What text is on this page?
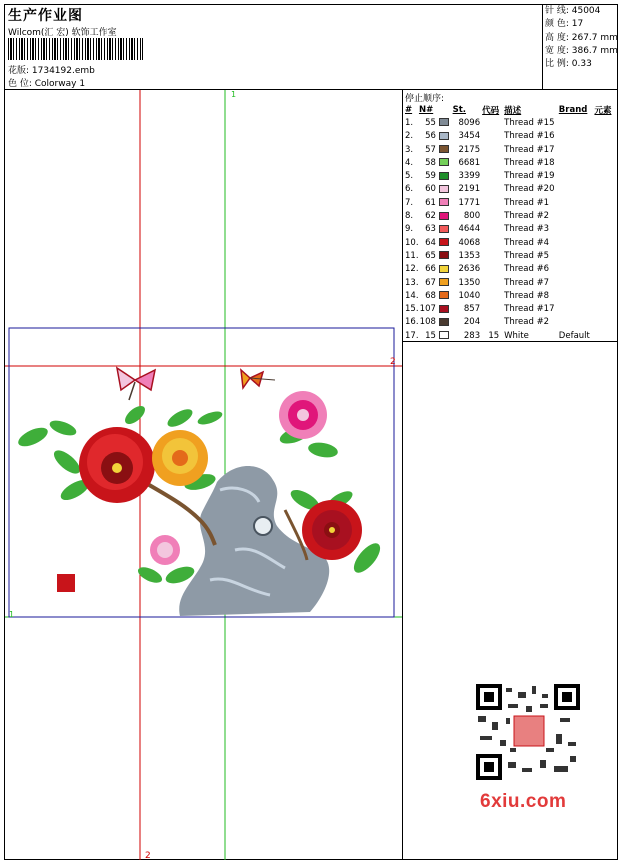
生产作业图
Wilcom(汇 宏) 软饰工作室
花版: 1734192.emb
色 位: Colorway 1
针 线: 45004
颜 色: 17
高 度: 267.7 mm
宽 度: 386.7 mm
比 例: 0.33
1
2
2
1
停止顺序:
#	N#		St.	代码	描述	Brand	元素
1.	55		8096		Thread #15		
2.	56		3454		Thread #16		
3.	57		2175		Thread #17		
4.	58		6681		Thread #18		
5.	59		3399		Thread #19		
6.	60		2191		Thread #20		
7.	61		1771		Thread #1		
8.	62		800		Thread #2		
9.	63		4644		Thread #3		
10.	64		4068		Thread #4		
11.	65		1353		Thread #5		
12.	66		2636		Thread #6		
13.	67		1350		Thread #7		
14.	68		1040		Thread #8		
15.	107		857		Thread #17		
16.	108		204		Thread #2		
17.	15		283	15	White	Default	
6xiu.com
